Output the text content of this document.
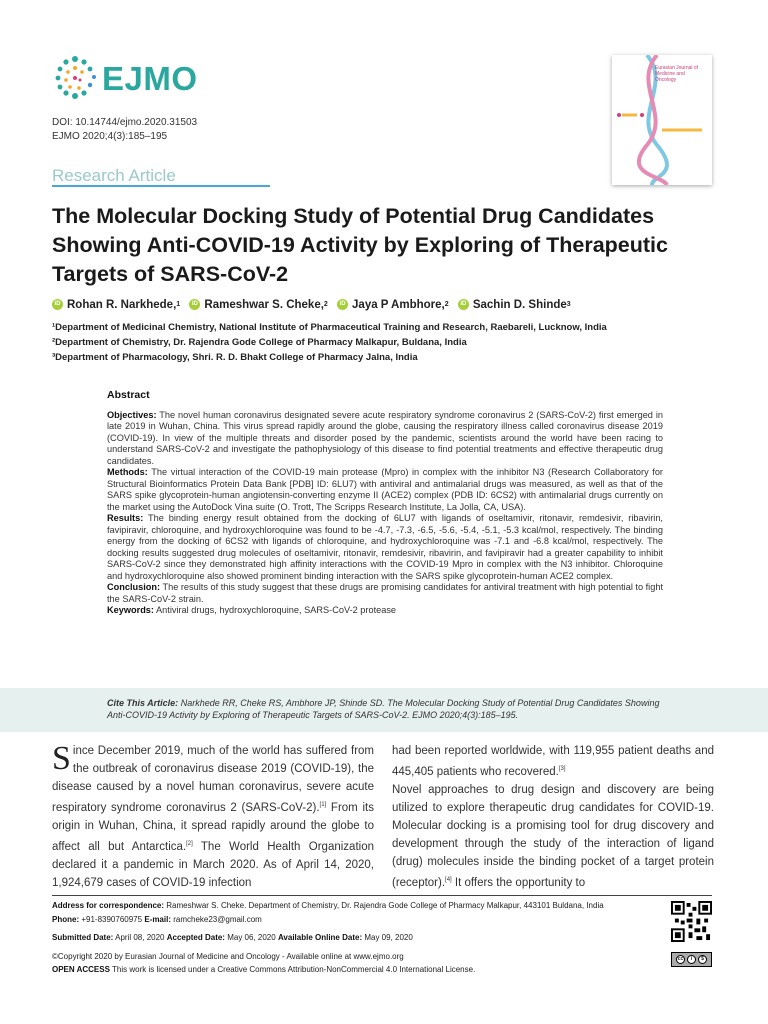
EJMO
DOI: 10.14744/ejmo.2020.31503
EJMO 2020;4(3):185–195
Research Article
Eurasian Journal of Medicine and Oncology
The Molecular Docking Study of Potential Drug Candidates Showing Anti-COVID-19 Activity by Exploring of Therapeutic Targets of SARS-CoV-2
iD Rohan R. Narkhede, 1
	iD Rameshwar S. Cheke, 2
	iD Jaya P Ambhore, 2
	iD Sachin D. Shinde 3
¹Department of Medicinal Chemistry, National Institute of Pharmaceutical Training and Research, Raebareli, Lucknow, India
²Department of Chemistry, Dr. Rajendra Gode College of Pharmacy Malkapur, Buldana, India
³Department of Pharmacology, Shri. R. D. Bhakt College of Pharmacy Jalna, India
Abstract

Objectives: The novel human coronavirus designated severe acute respiratory syndrome coronavirus 2 (SARS-CoV-2) first emerged in late 2019 in Wuhan, China. This virus spread rapidly around the globe, causing the respiratory illness called coronavirus disease 2019 (COVID-19). In view of the multiple threats and disorder posed by the pandemic, scientists around the world have been racing to understand SARS-CoV-2 and investigate the pathophysiology of this disease to find potential treatments and effective therapeutic drug candidates.

Methods: The virtual interaction of the COVID-19 main protease (Mpro) in complex with the inhibitor N3 (Research Collaboratory for Structural Bioinformatics Protein Data Bank [PDB] ID: 6LU7) with antiviral and antimalarial drugs was measured, as well as that of the SARS spike glycoprotein-human angiotensin-converting enzyme II (ACE2) complex (PDB ID: 6CS2) with antimalarial drugs currently on the market using the AutoDock Vina suite (O. Trott, The Scripps Research Institute, La Jolla, CA, USA).

Results: The binding energy result obtained from the docking of 6LU7 with ligands of oseltamivir, ritonavir, remdesivir, ribavirin, favipiravir, chloroquine, and hydroxychloroquine was found to be -4.7, -7.3, -6.5, -5.6, -5.4, -5.1, -5.3 kcal/mol, respectively. The binding energy from the docking of 6CS2 with ligands of chloroquine, and hydroxychloroquine was -7.1 and -6.8 kcal/mol, respectively. The docking results suggested drug molecules of oseltamivir, ritonavir, remdesivir, ribavirin, and favipiravir had a greater capability to inhibit SARS-CoV-2 since they demonstrated high affinity interactions with the COVID-19 Mpro in complex with the N3 inhibitor. Chloroquine and hydroxychloroquine also showed prominent binding interaction with the SARS spike glycoprotein-human ACE2 complex.

Conclusion: The results of this study suggest that these drugs are promising candidates for antiviral treatment with high potential to fight the SARS-CoV-2 strain.

Keywords: Antiviral drugs, hydroxychloroquine, SARS-CoV-2 protease

Cite This Article: Narkhede RR, Cheke RS, Ambhore JP, Shinde SD. The Molecular Docking Study of Potential Drug Candidates Showing Anti-COVID-19 Activity by Exploring of Therapeutic Targets of SARS-CoV-2. EJMO 2020;4(3):185–195.

Since December 2019, much of the world has suffered from the outbreak of coronavirus disease 2019 (COVID-19), the disease caused by a novel human coronavirus, severe acute respiratory syndrome coronavirus 2 (SARS-CoV-2).[1] From its origin in Wuhan, China, it spread rapidly around the globe to affect all but Antarctica.[2] The World Health Organization declared it a pandemic in March 2020. As of April 14, 2020, 1,924,679 cases of COVID-19 infection

had been reported worldwide, with 119,955 patient deaths and 445,405 patients who recovered.[3]

Novel approaches to drug design and discovery are being utilized to explore therapeutic drug candidates for COVID-19. Molecular docking is a promising tool for drug discovery and development through the study of the interaction of ligand (drug) molecules inside the binding pocket of a target protein (receptor).[4] It offers the opportunity to

Address for correspondence: Rameshwar S. Cheke. Department of Chemistry, Dr. Rajendra Gode College of Pharmacy Malkapur, 443101 Buldana, India
Phone: +91-8390760975 E-mail: ramcheke23@gmail.com
Submitted Date: April 08, 2020 Accepted Date: May 06, 2020 Available Online Date: May 09, 2020
©Copyright 2020 by Eurasian Journal of Medicine and Oncology - Available online at www.ejmo.org
OPEN ACCESS This work is licensed under a Creative Commons Attribution-NonCommercial 4.0 International License.
cc	i	$
